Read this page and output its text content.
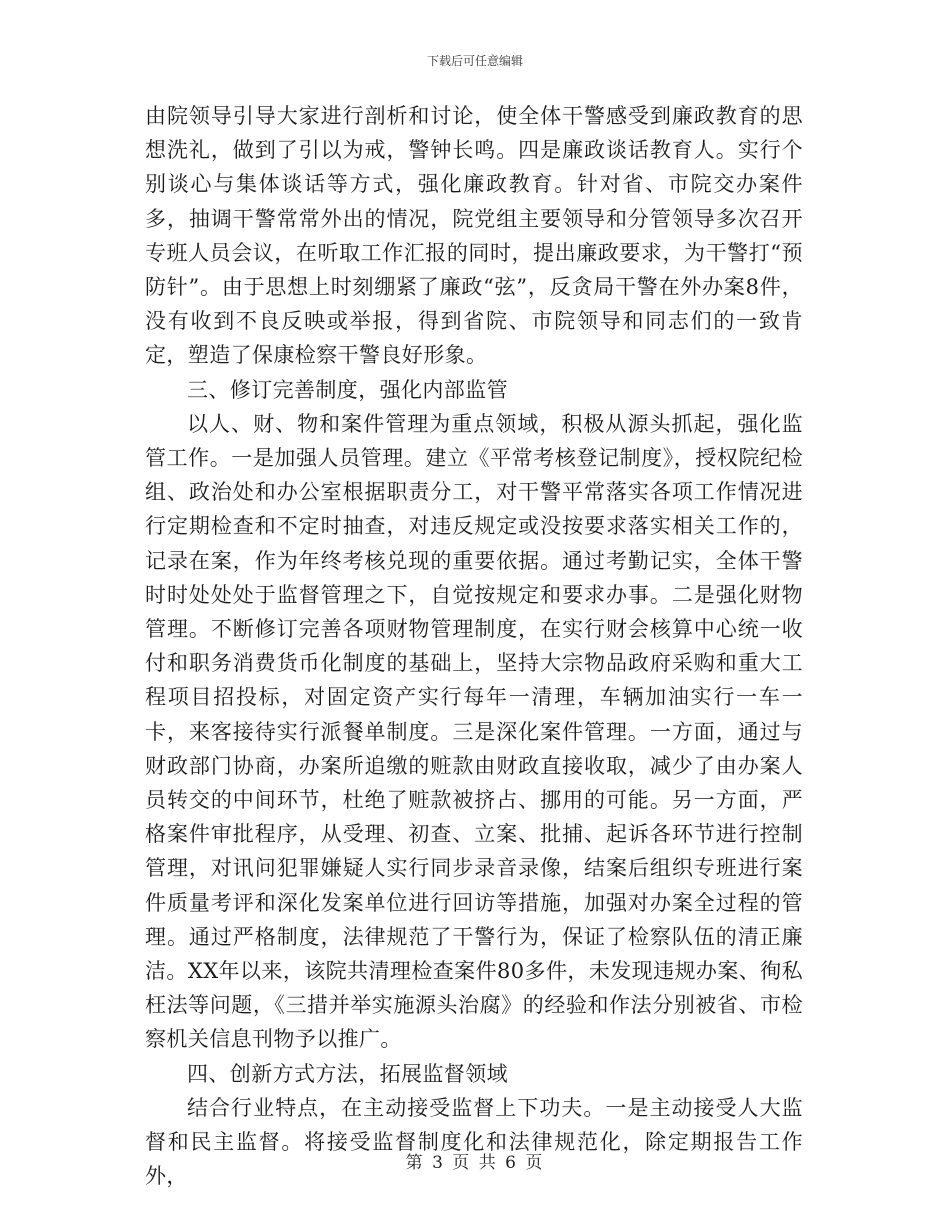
下载后可任意编辑

由院领导引导大家进行剖析和讨论，使全体干警感受到廉政教育的思想洗礼，做到了引以为戒，警钟长鸣。四是廉政谈话教育人。实行个别谈心与集体谈话等方式，强化廉政教育。针对省、市院交办案件多，抽调干警常常外出的情况，院党组主要领导和分管领导多次召开专班人员会议，在听取工作汇报的同时，提出廉政要求，为干警打“预防针”。由于思想上时刻绷紧了廉政“弦”，反贪局干警在外办案8件，没有收到不良反映或举报，得到省院、市院领导和同志们的一致肯定，塑造了保康检察干警良好形象。

三、修订完善制度，强化内部监管

以人、财、物和案件管理为重点领域，积极从源头抓起，强化监管工作。一是加强人员管理。建立《平常考核登记制度》，授权院纪检组、政治处和办公室根据职责分工，对干警平常落实各项工作情况进行定期检查和不定时抽查，对违反规定或没按要求落实相关工作的，记录在案，作为年终考核兑现的重要依据。通过考勤记实，全体干警时时处处处于监督管理之下，自觉按规定和要求办事。二是强化财物管理。不断修订完善各项财物管理制度，在实行财会核算中心统一收付和职务消费货币化制度的基础上，坚持大宗物品政府采购和重大工程项目招投标，对固定资产实行每年一清理，车辆加油实行一车一卡，来客接待实行派餐单制度。三是深化案件管理。一方面，通过与财政部门协商，办案所追缴的赃款由财政直接收取，减少了由办案人员转交的中间环节，杜绝了赃款被挤占、挪用的可能。另一方面，严格案件审批程序，从受理、初查、立案、批捕、起诉各环节进行控制管理，对讯问犯罪嫌疑人实行同步录音录像，结案后组织专班进行案件质量考评和深化发案单位进行回访等措施，加强对办案全过程的管理。通过严格制度，法律规范了干警行为，保证了检察队伍的清正廉洁。XX年以来，该院共清理检查案件80多件，未发现违规办案、徇私枉法等问题，《三措并举实施源头治腐》的经验和作法分别被省、市检察机关信息刊物予以推广。

四、创新方式方法，拓展监督领域

结合行业特点，在主动接受监督上下功夫。一是主动接受人大监督和民主监督。将接受监督制度化和法律规范化，除定期报告工作外，

第 3 页 共 6 页
